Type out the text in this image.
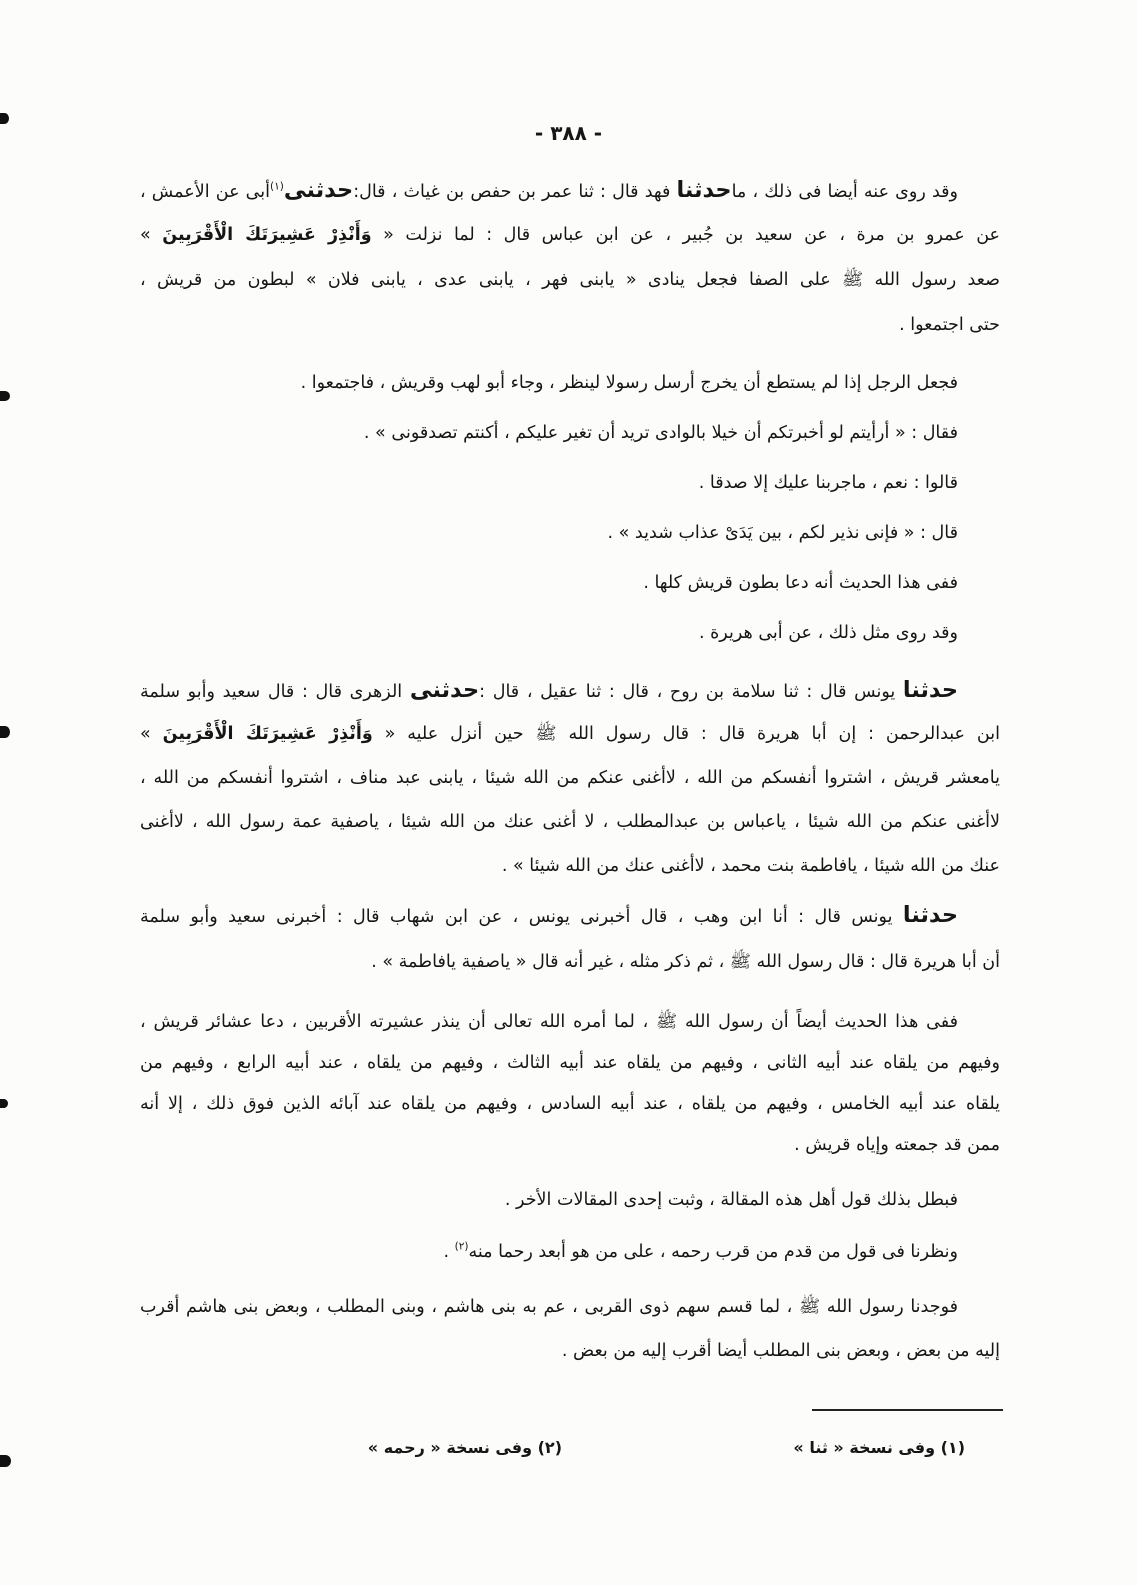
- ٣٨٨ -
وقد روى عنه أيضا فى ذلك ، ماحدثنا فهد قال : ثنا عمر بن حفص بن غياث ، قال:حدثنى$^{(١)}$أبى عن الأعمش ،
عن عمرو بن مرة ، عن سعيد بن جُبير ، عن ابن عباس قال : لما نزلت « وَأَنْذِرْ عَشِيرَتَكَ الْأَقْرَبِينَ »
صعد رسول الله ﷺ على الصفا فجعل ينادى « يابنى فهر ، يابنى عدى ، يابنى فلان » لبطون من قريش ،
حتى اجتمعوا .
فجعل الرجل إذا لم يستطع أن يخرج أرسل رسولا لينظر ، وجاء أبو لهب وقريش ، فاجتمعوا .
فقال : « أرأيتم لو أخبرتكم أن خيلا بالوادى تريد أن تغير عليكم ، أكنتم تصدقونى » .
قالوا : نعم ، ماجربنا عليك إلا صدقا .
قال : « فإنى نذير لكم ، بين يَدَىْ عذاب شديد » .
ففى هذا الحديث أنه دعا بطون قريش كلها .
وقد روى مثل ذلك ، عن أبى هريرة .
حدثنا يونس قال : ثنا سلامة بن روح ، قال : ثنا عقيل ، قال :حدثنى الزهرى قال : قال سعيد وأبو سلمة
ابن عبدالرحمن : إن أبا هريرة قال : قال رسول الله ﷺ حين أنزل عليه « وَأَنْذِرْ عَشِيرَتَكَ الْأَقْرَبِينَ »
يامعشر قريش ، اشتروا أنفسكم من الله ، لاأغنى عنكم من الله شيئا ، يابنى عبد مناف ، اشتروا أنفسكم من الله ،
لاأغنى عنكم من الله شيئا ، ياعباس بن عبدالمطلب ، لا أغنى عنك من الله شيئا ، ياصفية عمة رسول الله ، لاأغنى
عنك من الله شيئا ، يافاطمة بنت محمد ، لاأغنى عنك من الله شيئا » .
حدثنا يونس قال : أنا ابن وهب ، قال أخبرنى يونس ، عن ابن شهاب قال : أخبرنى سعيد وأبو سلمة
أن أبا هريرة قال : قال رسول الله ﷺ ، ثم ذكر مثله ، غير أنه قال « ياصفية يافاطمة » .
ففى هذا الحديث أيضاً أن رسول الله ﷺ ، لما أمره الله تعالى أن ينذر عشيرته الأقربين ، دعا عشائر قريش ،
وفيهم من يلقاه عند أبيه الثانى ، وفيهم من يلقاه عند أبيه الثالث ، وفيهم من يلقاه ، عند أبيه الرابع ، وفيهم من
يلقاه عند أبيه الخامس ، وفيهم من يلقاه ، عند أبيه السادس ، وفيهم من يلقاه عند آبائه الذين فوق ذلك ، إلا أنه
ممن قد جمعته وإياه قريش .
فبطل بذلك قول أهل هذه المقالة ، وثبت إحدى المقالات الأخر .
ونظرنا فى قول من قدم من قرب رحمه ، على من هو أبعد رحما منه$^{(٢)}$ .
فوجدنا رسول الله ﷺ ، لما قسم سهم ذوى القربى ، عم به بنى هاشم ، وبنى المطلب ، وبعض بنى هاشم أقرب
إليه من بعض ، وبعض بنى المطلب أيضا أقرب إليه من بعض .
(١) وفى نسخة « ثنا »
(٢) وفى نسخة « رحمه »
